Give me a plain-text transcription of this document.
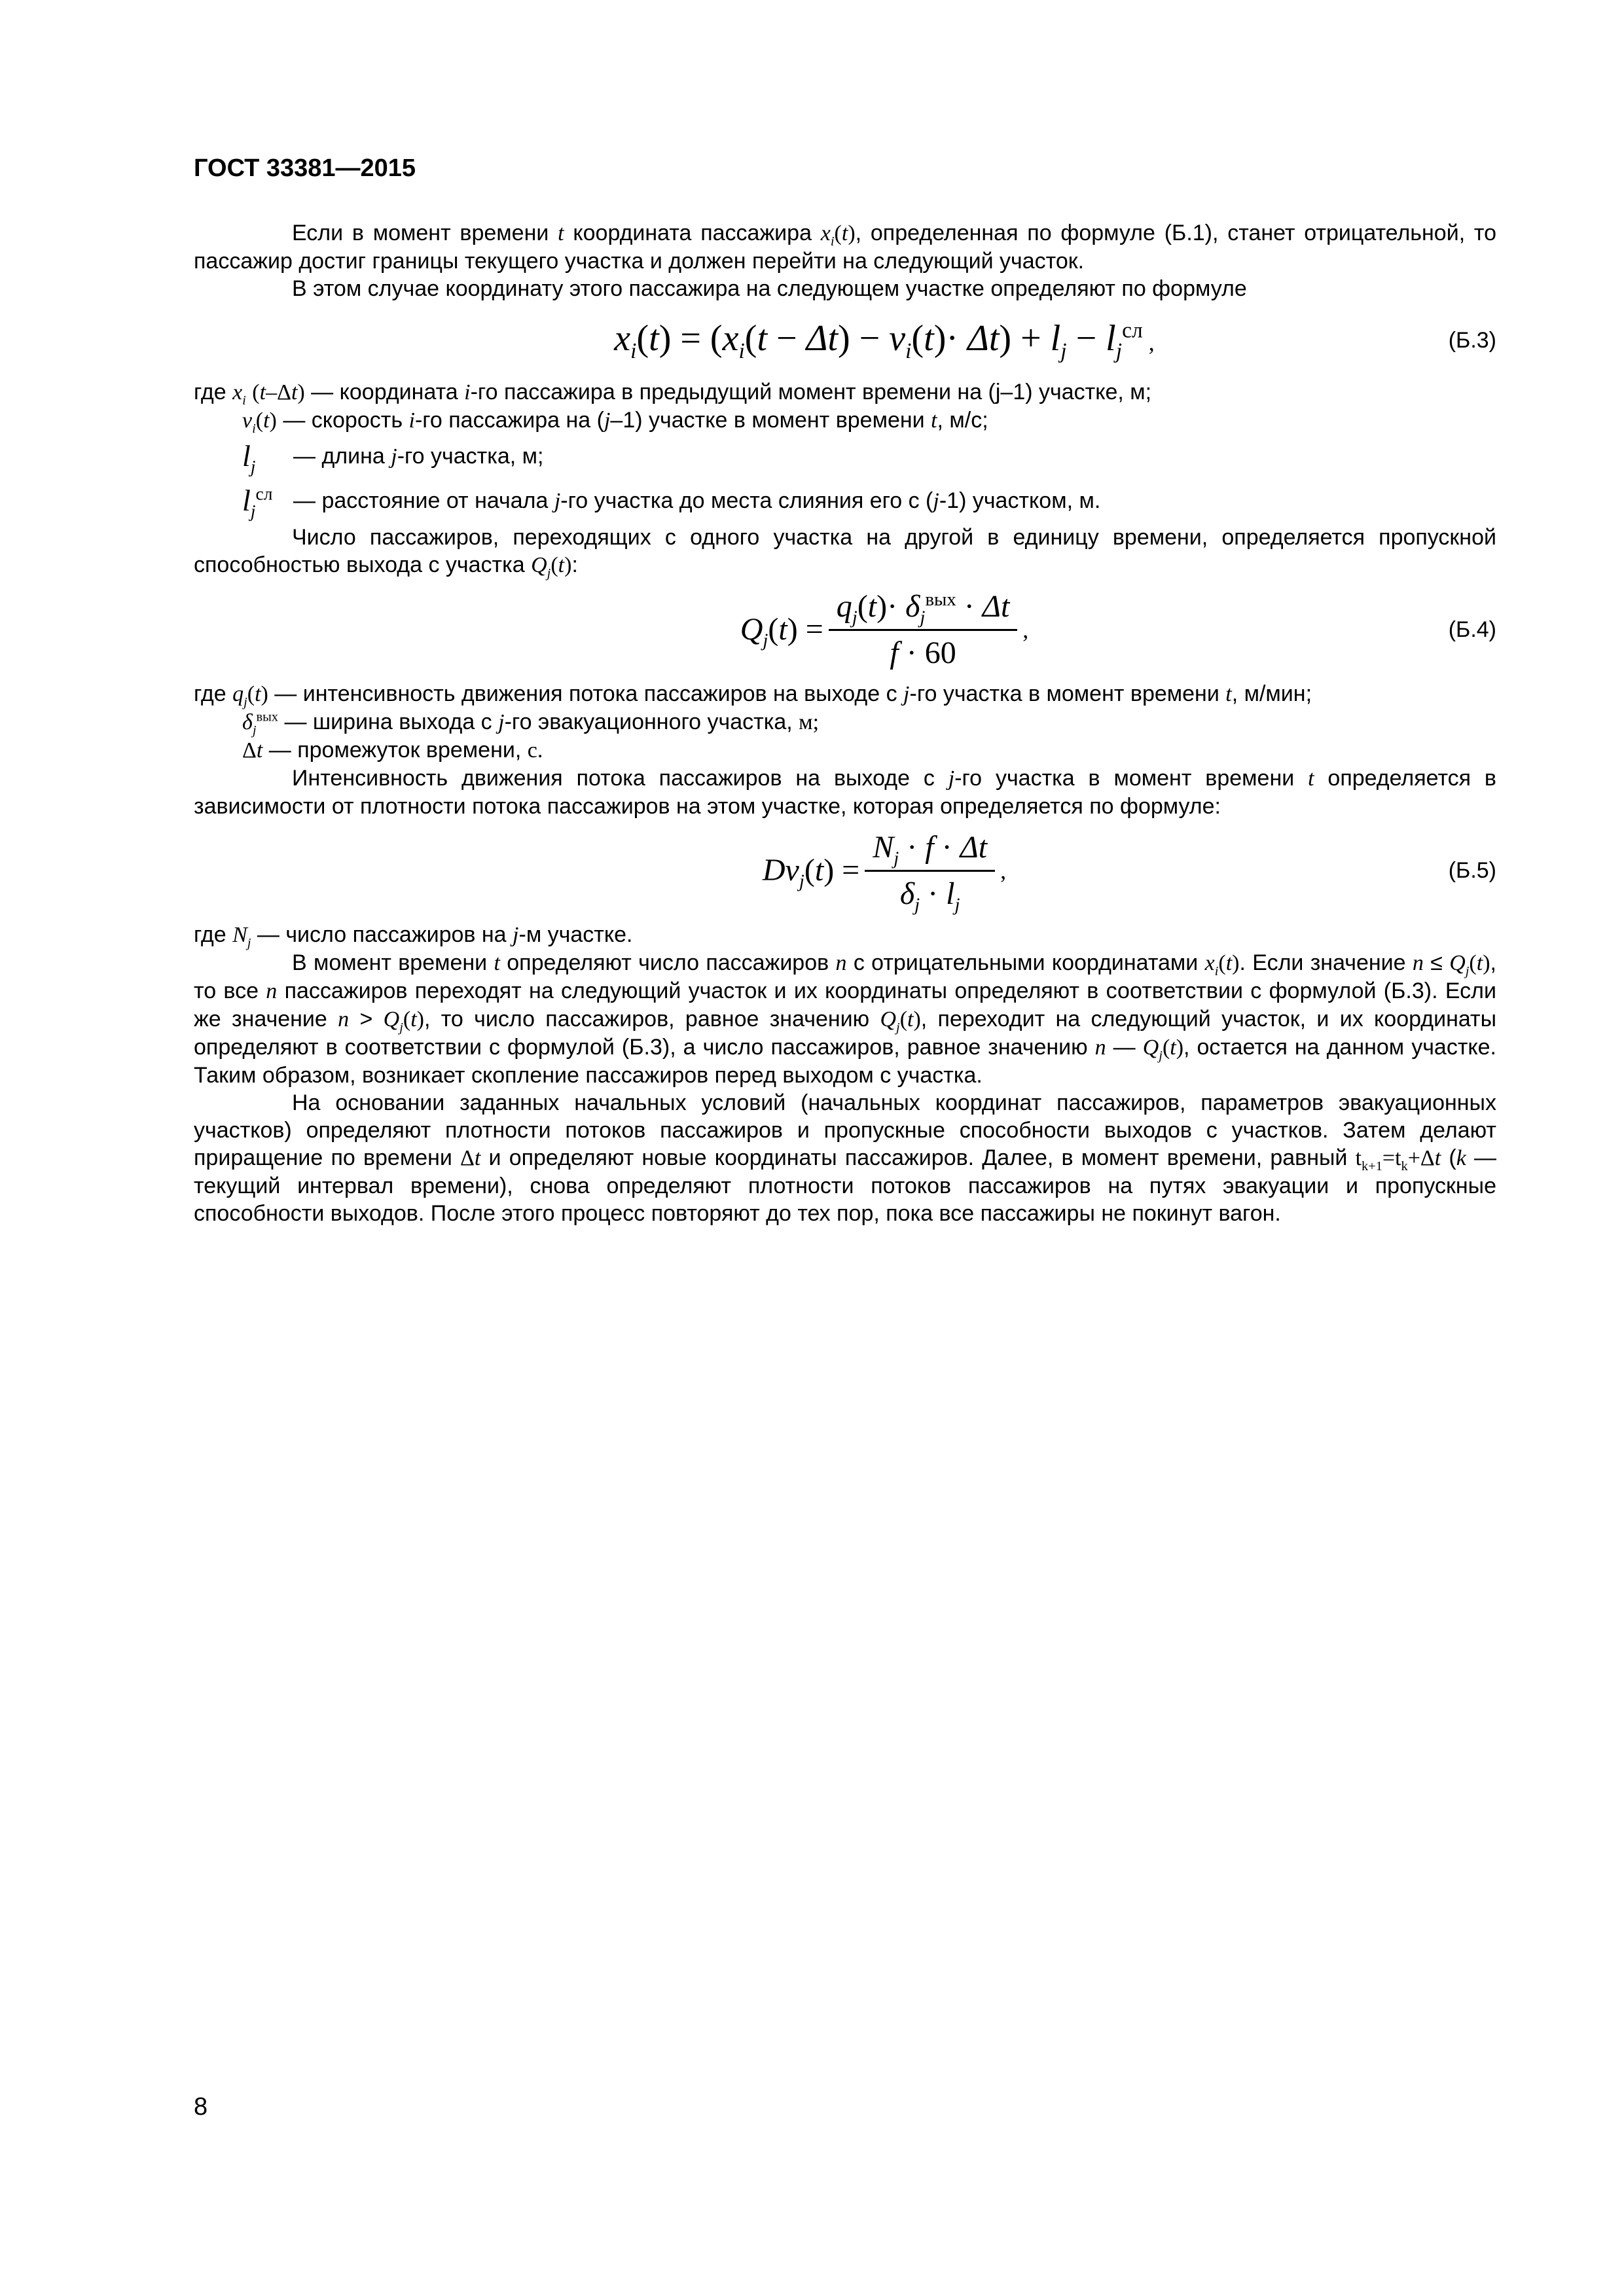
ГОСТ 33381—2015

Если в момент времени t координата пассажира $x_i(t)$, определенная по формуле (Б.1), станет отрицательной, то пассажир достиг границы текущего участка и должен перейти на следующий участок.

В этом случае координату этого пассажира на следующем участке определяют по формуле

$x_i(t) = (x_i(t - \Delta t) - v_i(t)\cdot \Delta t) + l_j - l_j^{сл}$ ,	(Б.3)

где $x_i$ (t–Δt) — координата i-го пассажира в предыдущий момент времени на (j–1) участке, м;

$v_i(t)$ — скорость i-го пассажира на (j–1) участке в момент времени t, м/с;

$l_j$	— длина j-го участка, м;
$l_j^{сл}$ — расстояние от начала j-го участка до места слияния его с (j-1) участком, м.

Число пассажиров, переходящих с одного участка на другой в единицу времени, определяется пропускной способностью выхода с участка $Q_j(t)$:

$Q_j(t) = \frac{q_j(t)\cdot \delta_j^{вых} \cdot \Delta t}{f \cdot 60}$ ,	(Б.4)

где $q_j(t)$ — интенсивность движения потока пассажиров на выходе с j-го участка в момент времени t, м/мин;

$\delta_j^{вых}$ — ширина выхода с j-го эвакуационного участка, м;

Δt — промежуток времени, с.

Интенсивность движения потока пассажиров на выходе с j-го участка в момент времени t определяется в зависимости от плотности потока пассажиров на этом участке, которая определяется по формуле:

$Dv_j(t) = \frac{N_j \cdot f \cdot \Delta t}{\delta_j \cdot l_j}$ ,	(Б.5)

где $N_j$ — число пассажиров на j-м участке.

В момент времени t определяют число пассажиров n с отрицательными координатами $x_i(t)$. Если значение $n \le Q_j(t)$, то все n пассажиров переходят на следующий участок и их координаты определяют в соответствии с формулой (Б.3). Если же значение $n > Q_j(t)$, то число пассажиров, равное значению $Q_j(t)$, переходит на следующий участок, и их координаты определяют в соответствии с формулой (Б.3), а число пассажиров, равное значению n — $Q_j(t)$, остается на данном участке. Таким образом, возникает скопление пассажиров перед выходом с участка.

На основании заданных начальных условий (начальных координат пассажиров, параметров эвакуационных участков) определяют плотности потоков пассажиров и пропускные способности выходов с участков. Затем делают приращение по времени Δt и определяют новые координаты пассажиров. Далее, в момент времени, равный $t_{k+1}=t_k+\Delta t$ (k — текущий интервал времени), снова определяют плотности потоков пассажиров на путях эвакуации и пропускные способности выходов. После этого процесс повторяют до тех пор, пока все пассажиры не покинут вагон.

8
